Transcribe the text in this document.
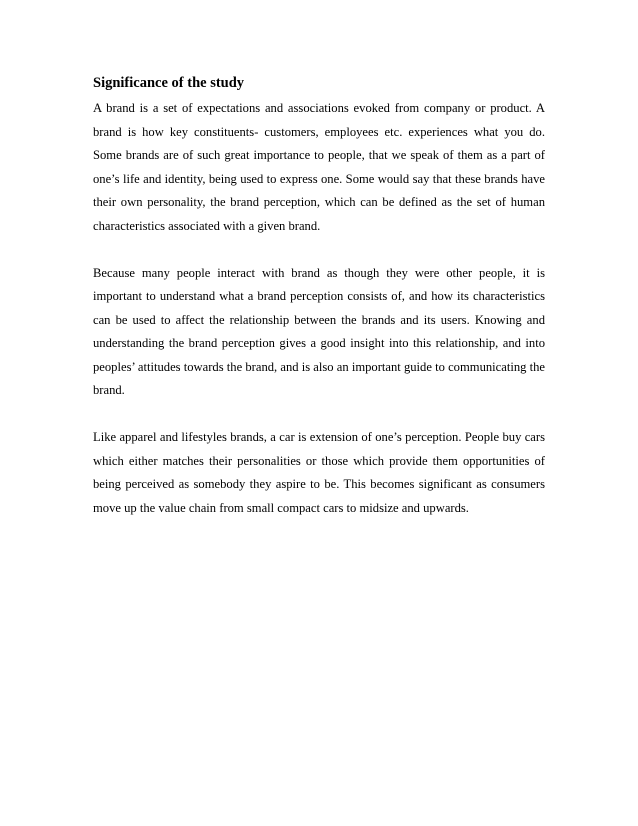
Significance of the study

A brand is a set of expectations and associations evoked from company or product. A brand is how key constituents- customers, employees etc. experiences what you do. Some brands are of such great importance to people, that we speak of them as a part of one’s life and identity, being used to express one. Some would say that these brands have their own personality, the brand perception, which can be defined as the set of human characteristics associated with a given brand.

Because many people interact with brand as though they were other people, it is important to understand what a brand perception consists of, and how its characteristics can be used to affect the relationship between the brands and its users. Knowing and understanding the brand perception gives a good insight into this relationship, and into peoples’ attitudes towards the brand, and is also an important guide to communicating the brand.

Like apparel and lifestyles brands, a car is extension of one’s perception. People buy cars which either matches their personalities or those which provide them opportunities of being perceived as somebody they aspire to be. This becomes significant as consumers move up the value chain from small compact cars to midsize and upwards.
